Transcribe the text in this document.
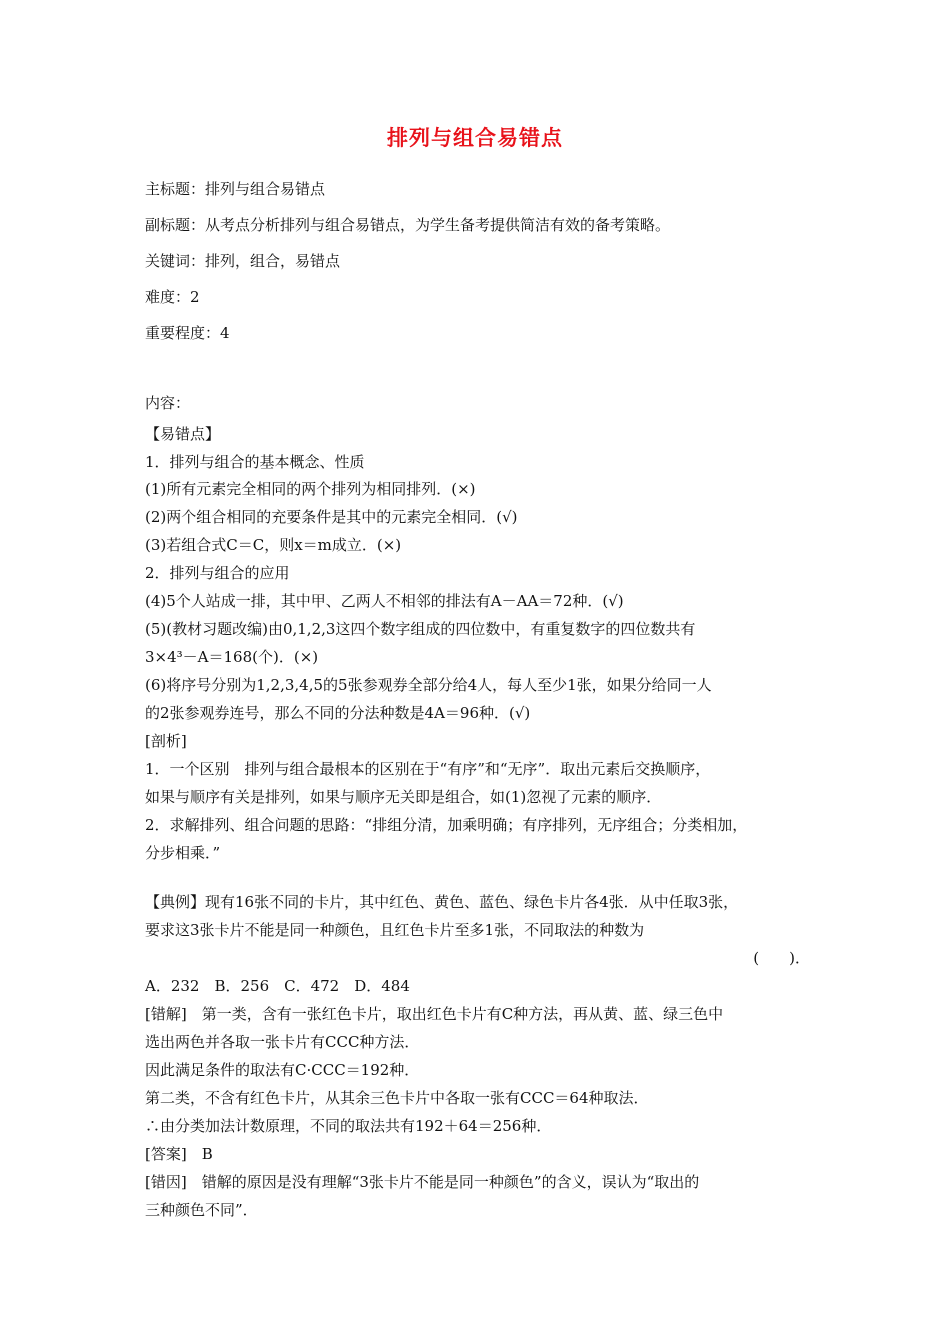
排列与组合易错点
主标题：排列与组合易错点
副标题：从考点分析排列与组合易错点，为学生备考提供简洁有效的备考策略。
关键词：排列，组合，易错点
难度：2
重要程度：4
内容：
【易错点】
1．排列与组合的基本概念、性质
(1)所有元素完全相同的两个排列为相同排列．(×)
(2)两个组合相同的充要条件是其中的元素完全相同．(√)
(3)若组合式C＝C，则x＝m成立．(×)
2．排列与组合的应用
(4)5个人站成一排，其中甲、乙两人不相邻的排法有A－AA＝72种．(√)
(5)(教材习题改编)由0,1,2,3这四个数字组成的四位数中，有重复数字的四位数共有
3×4³－A＝168(个)．(×)
(6)将序号分别为1,2,3,4,5的5张参观券全部分给4人，每人至少1张，如果分给同一人
的2张参观券连号，那么不同的分法种数是4A＝96种．(√)
[剖析]
1．一个区别　排列与组合最根本的区别在于“有序”和“无序”．取出元素后交换顺序，
如果与顺序有关是排列，如果与顺序无关即是组合，如(1)忽视了元素的顺序．
2．求解排列、组合问题的思路：“排组分清，加乘明确；有序排列，无序组合；分类相加，
分步相乘．”
【典例】现有16张不同的卡片，其中红色、黄色、蓝色、绿色卡片各4张．从中任取3张，
要求这3张卡片不能是同一种颜色，且红色卡片至多1张，不同取法的种数为
(　　)．
A．232　B．256　C．472　D．484
[错解]　第一类，含有一张红色卡片，取出红色卡片有C种方法，再从黄、蓝、绿三色中
选出两色并各取一张卡片有CCC种方法．
因此满足条件的取法有C·CCC＝192种．
第二类，不含有红色卡片，从其余三色卡片中各取一张有CCC＝64种取法．
∴由分类加法计数原理，不同的取法共有192＋64＝256种．
[答案]　B
[错因]　错解的原因是没有理解“3张卡片不能是同一种颜色”的含义，误认为“取出的
三种颜色不同”．
